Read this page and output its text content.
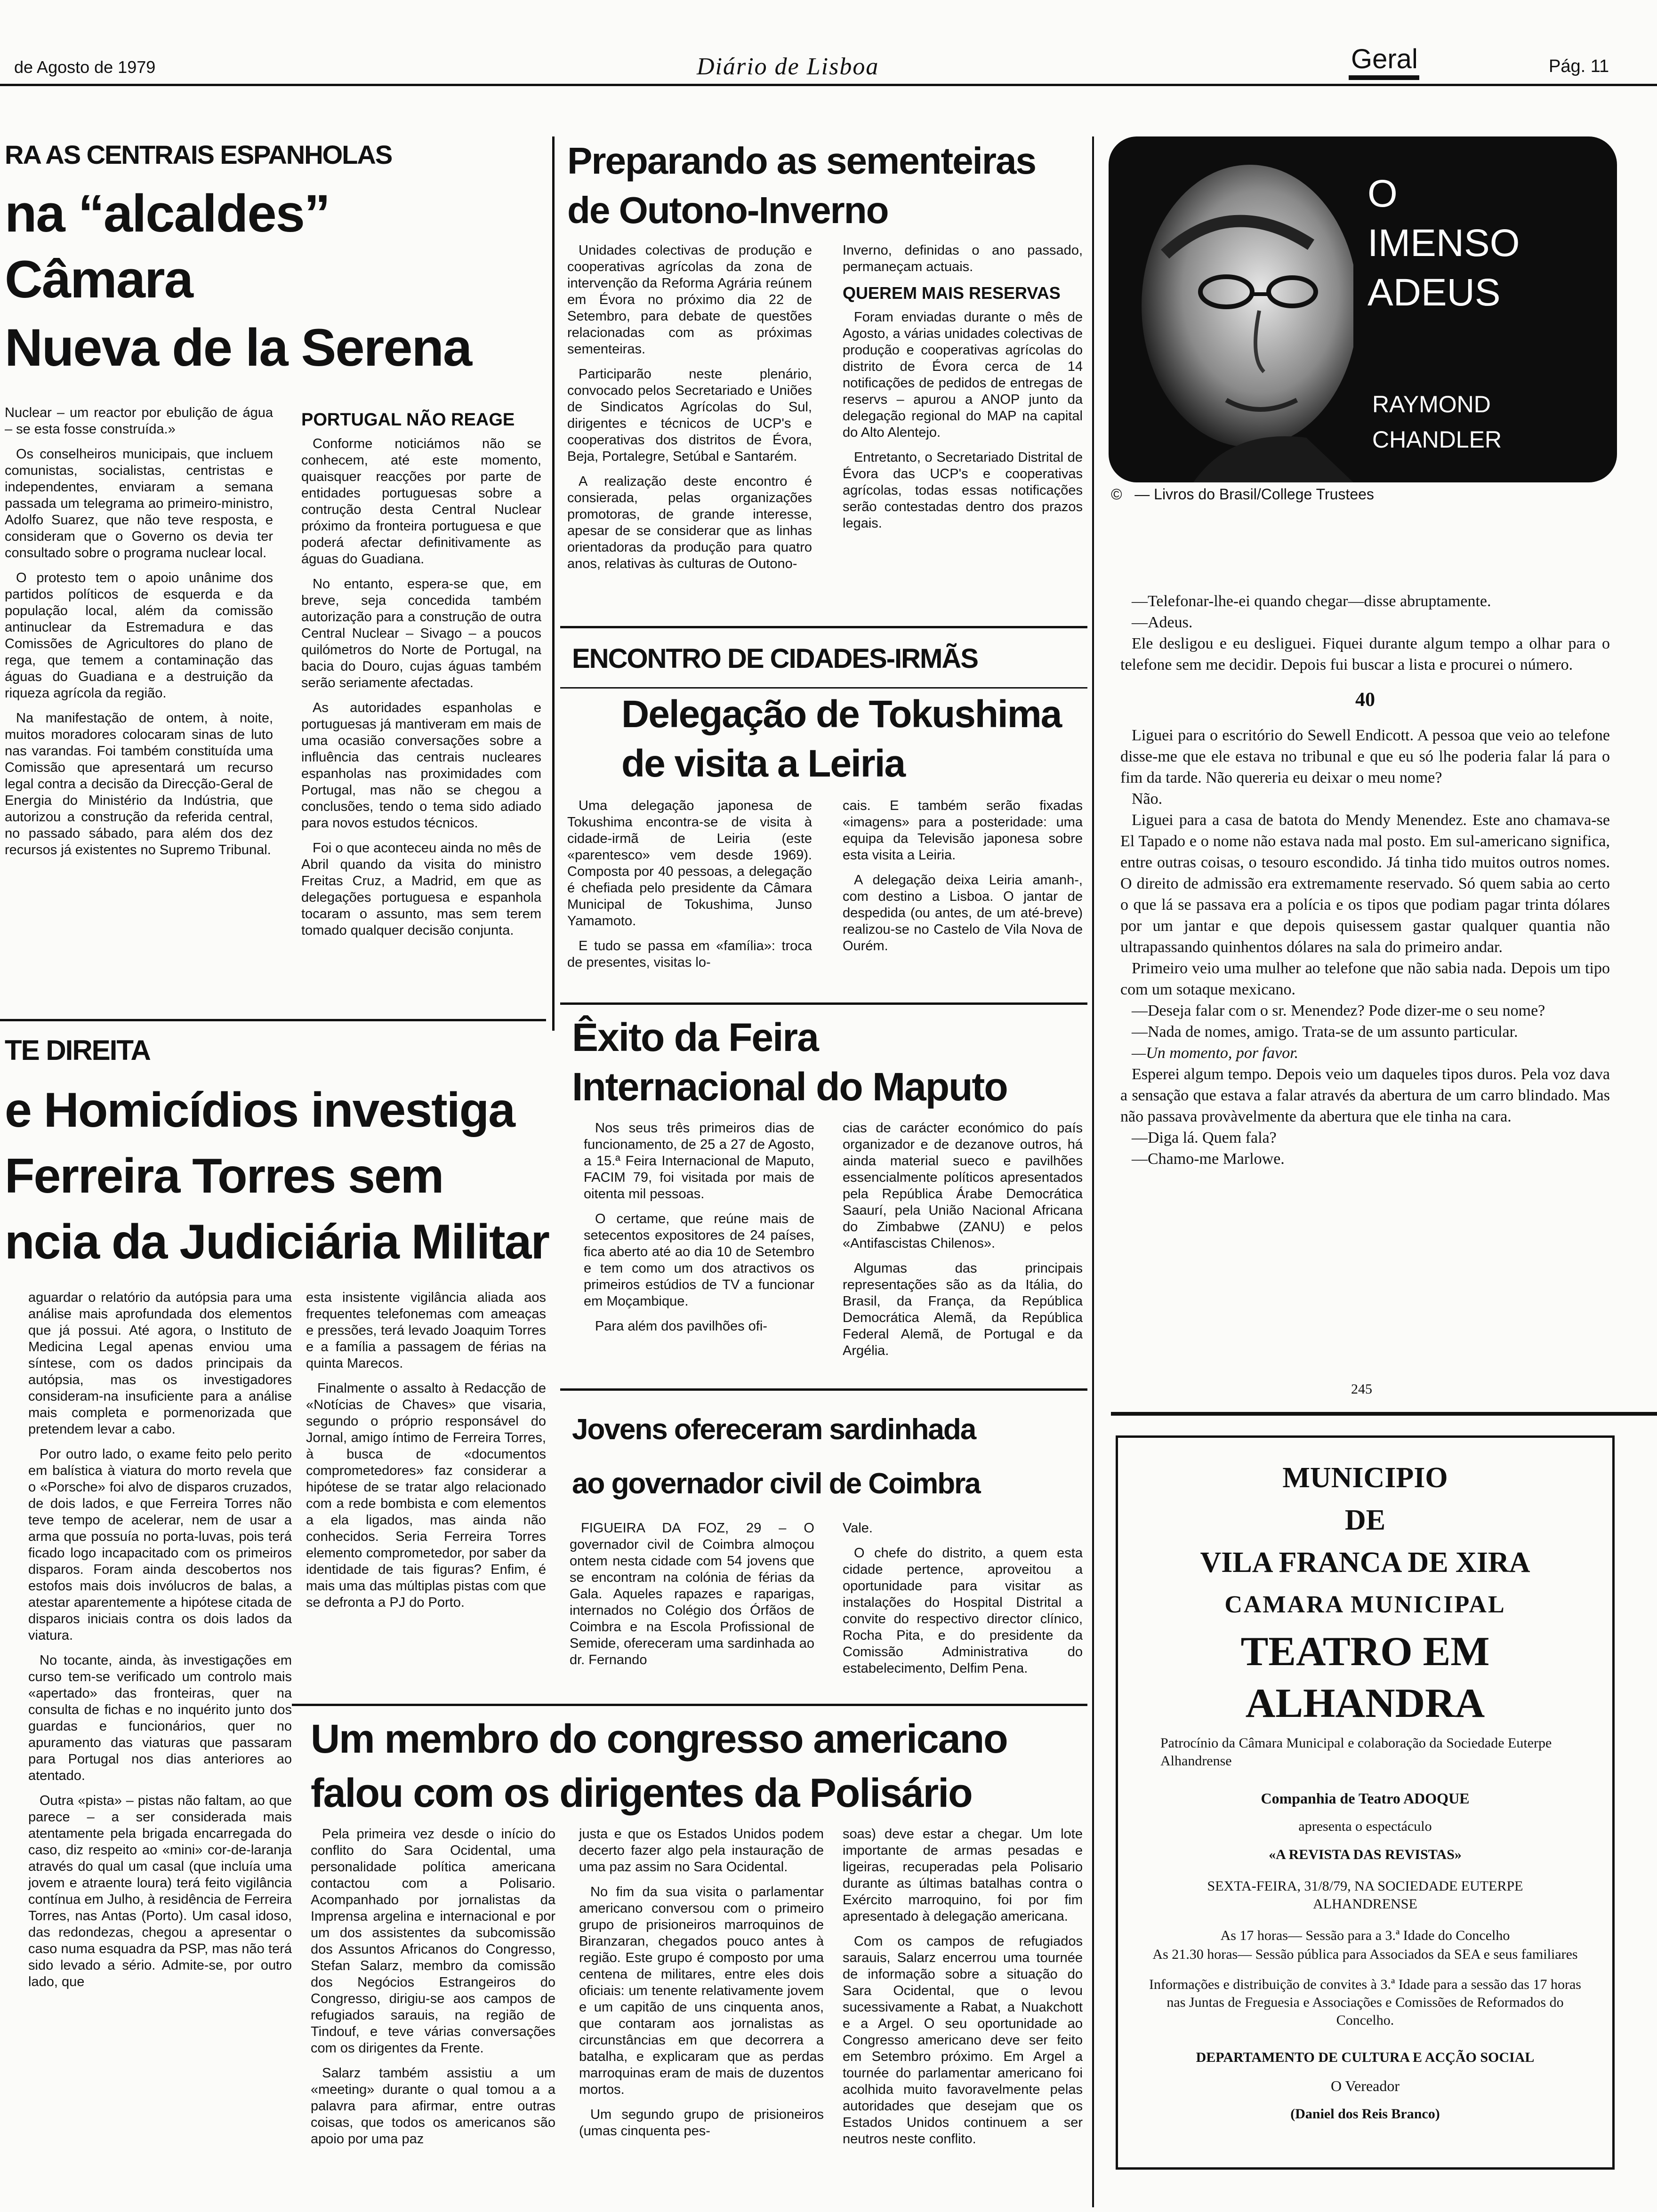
de Agosto de 1979	Diário de Lisboa	Geral	Pág. 11
RA AS CENTRAIS ESPANHOLAS
na “alcaldes”
Câmara
Nueva de la Serena

Nuclear – um reactor por ebulição de água – se esta fosse construída.»

Os conselheiros municipais, que incluem comunistas, socialistas, centristas e independentes, enviaram a semana passada um telegrama ao primeiro-ministro, Adolfo Suarez, que não teve resposta, e consideram que o Governo os devia ter consultado sobre o programa nuclear local.

O protesto tem o apoio unânime dos partidos políticos de esquerda e da população local, além da comissão antinuclear da Estremadura e das Comissões de Agricultores do plano de rega, que temem a contaminação das águas do Guadiana e a destruição da riqueza agrícola da região.

Na manifestação de ontem, à noite, muitos moradores colocaram sinas de luto nas varandas. Foi também constituída uma Comissão que apresentará um recurso legal contra a decisão da Direcção-Geral de Energia do Ministério da Indústria, que autorizou a construção da referida central, no passado sábado, para além dos dez recursos já existentes no Supremo Tribunal.

PORTUGAL NÃO REAGE

Conforme noticiámos não se conhecem, até este momento, quaisquer reacções por parte de entidades portuguesas sobre a contrução desta Central Nuclear próximo da fronteira portuguesa e que poderá afectar definitivamente as águas do Guadiana.

No entanto, espera-se que, em breve, seja concedida também autorização para a construção de outra Central Nuclear – Sivago – a poucos quilómetros do Norte de Portugal, na bacia do Douro, cujas águas também serão seriamente afectadas.

As autoridades espanholas e portuguesas já mantiveram em mais de uma ocasião conversações sobre a influência das centrais nucleares espanholas nas proximidades com Portugal, mas não se chegou a conclusões, tendo o tema sido adiado para novos estudos técnicos.

Foi o que aconteceu ainda no mês de Abril quando da visita do ministro Freitas Cruz, a Madrid, em que as delegações portuguesa e espanhola tocaram o assunto, mas sem terem tomado qualquer decisão conjunta.

TE DIREITA
e Homicídios investiga
Ferreira Torres sem
ncia da Judiciária Militar

aguardar o relatório da autópsia para uma análise mais aprofundada dos elementos que já possui. Até agora, o Instituto de Medicina Legal apenas enviou uma síntese, com os dados principais da autópsia, mas os investigadores consideram-na insuficiente para a análise mais completa e pormenorizada que pretendem levar a cabo.

Por outro lado, o exame feito pelo perito em balística à viatura do morto revela que o «Porsche» foi alvo de disparos cruzados, de dois lados, e que Ferreira Torres não teve tempo de acelerar, nem de usar a arma que possuía no porta-luvas, pois terá ficado logo incapacitado com os primeiros disparos. Foram ainda descobertos nos estofos mais dois invólucros de balas, a atestar aparentemente a hipótese citada de disparos iniciais contra os dois lados da viatura.

No tocante, ainda, às investigações em curso tem-se verificado um controlo mais «apertado» das fronteiras, quer na consulta de fichas e no inquérito junto dos guardas e funcionários, quer no apuramento das viaturas que passaram para Portugal nos dias anteriores ao atentado.

Outra «pista» – pistas não faltam, ao que parece – a ser considerada mais atentamente pela brigada encarregada do caso, diz respeito ao «mini» cor-de-laranja através do qual um casal (que incluía uma jovem e atraente loura) terá feito vigilância contínua em Julho, à residência de Ferreira Torres, nas Antas (Porto). Um casal idoso, das redondezas, chegou a apresentar o caso numa esquadra da PSP, mas não terá sido levado a sério. Admite-se, por outro lado, que

esta insistente vigilância aliada aos frequentes telefonemas com ameaças e pressões, terá levado Joaquim Torres e a família a passagem de férias na quinta Marecos.

Finalmente o assalto à Redacção de «Notícias de Chaves» que visaria, segundo o próprio responsável do Jornal, amigo íntimo de Ferreira Torres, à busca de «documentos comprometedores» faz considerar a hipótese de se tratar algo relacionado com a rede bombista e com elementos a ela ligados, mas ainda não conhecidos. Seria Ferreira Torres elemento comprometedor, por saber da identidade de tais figuras? Enfim, é mais uma das múltiplas pistas com que se defronta a PJ do Porto.

Preparando as sementeiras
de Outono-Inverno

Unidades colectivas de produção e cooperativas agrícolas da zona de intervenção da Reforma Agrária reúnem em Évora no próximo dia 22 de Setembro, para debate de questões relacionadas com as próximas sementeiras.

Participarão neste plenário, convocado pelos Secretariado e Uniões de Sindicatos Agrícolas do Sul, dirigentes e técnicos de UCP's e cooperativas dos distritos de Évora, Beja, Portalegre, Setúbal e Santarém.

A realização deste encontro é consierada, pelas organizações promotoras, de grande interesse, apesar de se considerar que as linhas orientadoras da produção para quatro anos, relativas às culturas de Outono-

Inverno, definidas o ano passado, permaneçam actuais.

QUEREM MAIS RESERVAS

Foram enviadas durante o mês de Agosto, a várias unidades colectivas de produção e cooperativas agrícolas do distrito de Évora cerca de 14 notificações de pedidos de entregas de reservs – apurou a ANOP junto da delegação regional do MAP na capital do Alto Alentejo.

Entretanto, o Secretariado Distrital de Évora das UCP's e cooperativas agrícolas, todas essas notificações serão contestadas dentro dos prazos legais.

ENCONTRO DE CIDADES-IRMÃS
Delegação de Tokushima
de visita a Leiria

Uma delegação japonesa de Tokushima encontra-se de visita à cidade-irmã de Leiria (este «parentesco» vem desde 1969). Composta por 40 pessoas, a delegação é chefiada pelo presidente da Câmara Municipal de Tokushima, Junso Yamamoto.

E tudo se passa em «família»: troca de presentes, visitas lo-

cais. E também serão fixadas «imagens» para a posteridade: uma equipa da Televisão japonesa sobre esta visita a Leiria.

A delegação deixa Leiria amanh-, com destino a Lisboa. O jantar de despedida (ou antes, de um até-breve) realizou-se no Castelo de Vila Nova de Ourém.

Êxito da Feira
Internacional do Maputo

Nos seus três primeiros dias de funcionamento, de 25 a 27 de Agosto, a 15.ª Feira Internacional de Maputo, FACIM 79, foi visitada por mais de oitenta mil pessoas.

O certame, que reúne mais de setecentos expositores de 24 países, fica aberto até ao dia 10 de Setembro e tem como um dos atractivos os primeiros estúdios de TV a funcionar em Moçambique.

Para além dos pavilhões ofi-

cias de carácter económico do país organizador e de dezanove outros, há ainda material sueco e pavilhões essencialmente políticos apresentados pela República Árabe Democrática Saaurí, pela União Nacional Africana do Zimbabwe (ZANU) e pelos «Antifascistas Chilenos».

Algumas das principais representações são as da Itália, do Brasil, da França, da República Democrática Alemã, da República Federal Alemã, de Portugal e da Argélia.

Jovens ofereceram sardinhada
ao governador civil de Coimbra

FIGUEIRA DA FOZ, 29 – O governador civil de Coimbra almoçou ontem nesta cidade com 54 jovens que se encontram na colónia de férias da Gala. Aqueles rapazes e raparigas, internados no Colégio dos Órfãos de Coimbra e na Escola Profissional de Semide, ofereceram uma sardinhada ao dr. Fernando

Vale.

O chefe do distrito, a quem esta cidade pertence, aproveitou a oportunidade para visitar as instalações do Hospital Distrital a convite do respectivo director clínico, Rocha Pita, e do presidente da Comissão Administrativa do estabelecimento, Delfim Pena.

Um membro do congresso americano
falou com os dirigentes da Polisário

Pela primeira vez desde o início do conflito do Sara Ocidental, uma personalidade política americana contactou com a Polisario. Acompanhado por jornalistas da Imprensa argelina e internacional e por um dos assistentes da subcomissão dos Assuntos Africanos do Congresso, Stefan Salarz, membro da comissão dos Negócios Estrangeiros do Congresso, dirigiu-se aos campos de refugiados sarauis, na região de Tindouf, e teve várias conversações com os dirigentes da Frente.

Salarz também assistiu a um «meeting» durante o qual tomou a a palavra para afirmar, entre outras coisas, que todos os americanos são apoio por uma paz

justa e que os Estados Unidos podem decerto fazer algo pela instauração de uma paz assim no Sara Ocidental.

No fim da sua visita o parlamentar americano conversou com o primeiro grupo de prisioneiros marroquinos de Biranzaran, chegados pouco antes à região. Este grupo é composto por uma centena de militares, entre eles dois oficiais: um tenente relativamente jovem e um capitão de uns cinquenta anos, que contaram aos jornalistas as circunstâncias em que decorrera a batalha, e explicaram que as perdas marroquinas eram de mais de duzentos mortos.

Um segundo grupo de prisioneiros (umas cinquenta pes-

soas) deve estar a chegar. Um lote importante de armas pesadas e ligeiras, recuperadas pela Polisario durante as últimas batalhas contra o Exército marroquino, foi por fim apresentado à delegação americana.

Com os campos de refugiados sarauis, Salarz encerrou uma tournée de informação sobre a situação do Sara Ocidental, que o levou sucessivamente a Rabat, a Nuakchott e a Argel. O seu oportunidade ao Congresso americano deve ser feito em Setembro próximo. Em Argel a tournée do parlamentar americano foi acolhida muito favoravelmente pelas autoridades que desejam que os Estados Unidos continuem a ser neutros neste conflito.

O
IMENSO
ADEUS
RAYMOND
CHANDLER
©   — Livros do Brasil/College Trustees

—Telefonar-lhe-ei quando chegar—disse abruptamente.

—Adeus.

Ele desligou e eu desliguei. Fiquei durante algum tempo a olhar para o telefone sem me decidir. Depois fui buscar a lista e procurei o número.

40

Liguei para o escritório do Sewell Endicott. A pessoa que veio ao telefone disse-me que ele estava no tribunal e que eu só lhe poderia falar lá para o fim da tarde. Não quereria eu deixar o meu nome?

Não.

Liguei para a casa de batota do Mendy Menendez. Este ano chamava-se El Tapado e o nome não estava nada mal posto. Em sul-americano significa, entre outras coisas, o tesouro escondido. Já tinha tido muitos outros nomes. O direito de admissão era extremamente reservado. Só quem sabia ao certo o que lá se passava era a polícia e os tipos que podiam pagar trinta dólares por um jantar e que depois quisessem gastar qualquer quantia não ultrapassando quinhentos dólares na sala do primeiro andar.

Primeiro veio uma mulher ao telefone que não sabia nada. Depois um tipo com um sotaque mexicano.

—Deseja falar com o sr. Menendez? Pode dizer-me o seu nome?

—Nada de nomes, amigo. Trata-se de um assunto particular.

—Un momento, por favor.

Esperei algum tempo. Depois veio um daqueles tipos duros. Pela voz dava a sensação que estava a falar através da abertura de um carro blindado. Mas não passava provàvelmente da abertura que ele tinha na cara.

—Diga lá. Quem fala?

—Chamo-me Marlowe.

245
MUNICIPIO
DE
VILA FRANCA DE XIRA
CAMARA MUNICIPAL
TEATRO EM ALHANDRA
Patrocínio da Câmara Municipal e colaboração da Sociedade Euterpe Alhandrense
Companhia de Teatro ADOQUE
apresenta o espectáculo
«A REVISTA DAS REVISTAS»
SEXTA-FEIRA, 31/8/79, NA SOCIEDADE EUTERPE ALHANDRENSE
As 17 horas— Sessão para a 3.ª Idade do Concelho
As 21.30 horas— Sessão pública para Associados da SEA e seus familiares
Informações e distribuição de convites à 3.ª Idade para a sessão das 17 horas nas Juntas de Freguesia e Associações e Comissões de Reformados do Concelho.
DEPARTAMENTO DE CULTURA E ACÇÃO SOCIAL
O Vereador
(Daniel dos Reis Branco)
